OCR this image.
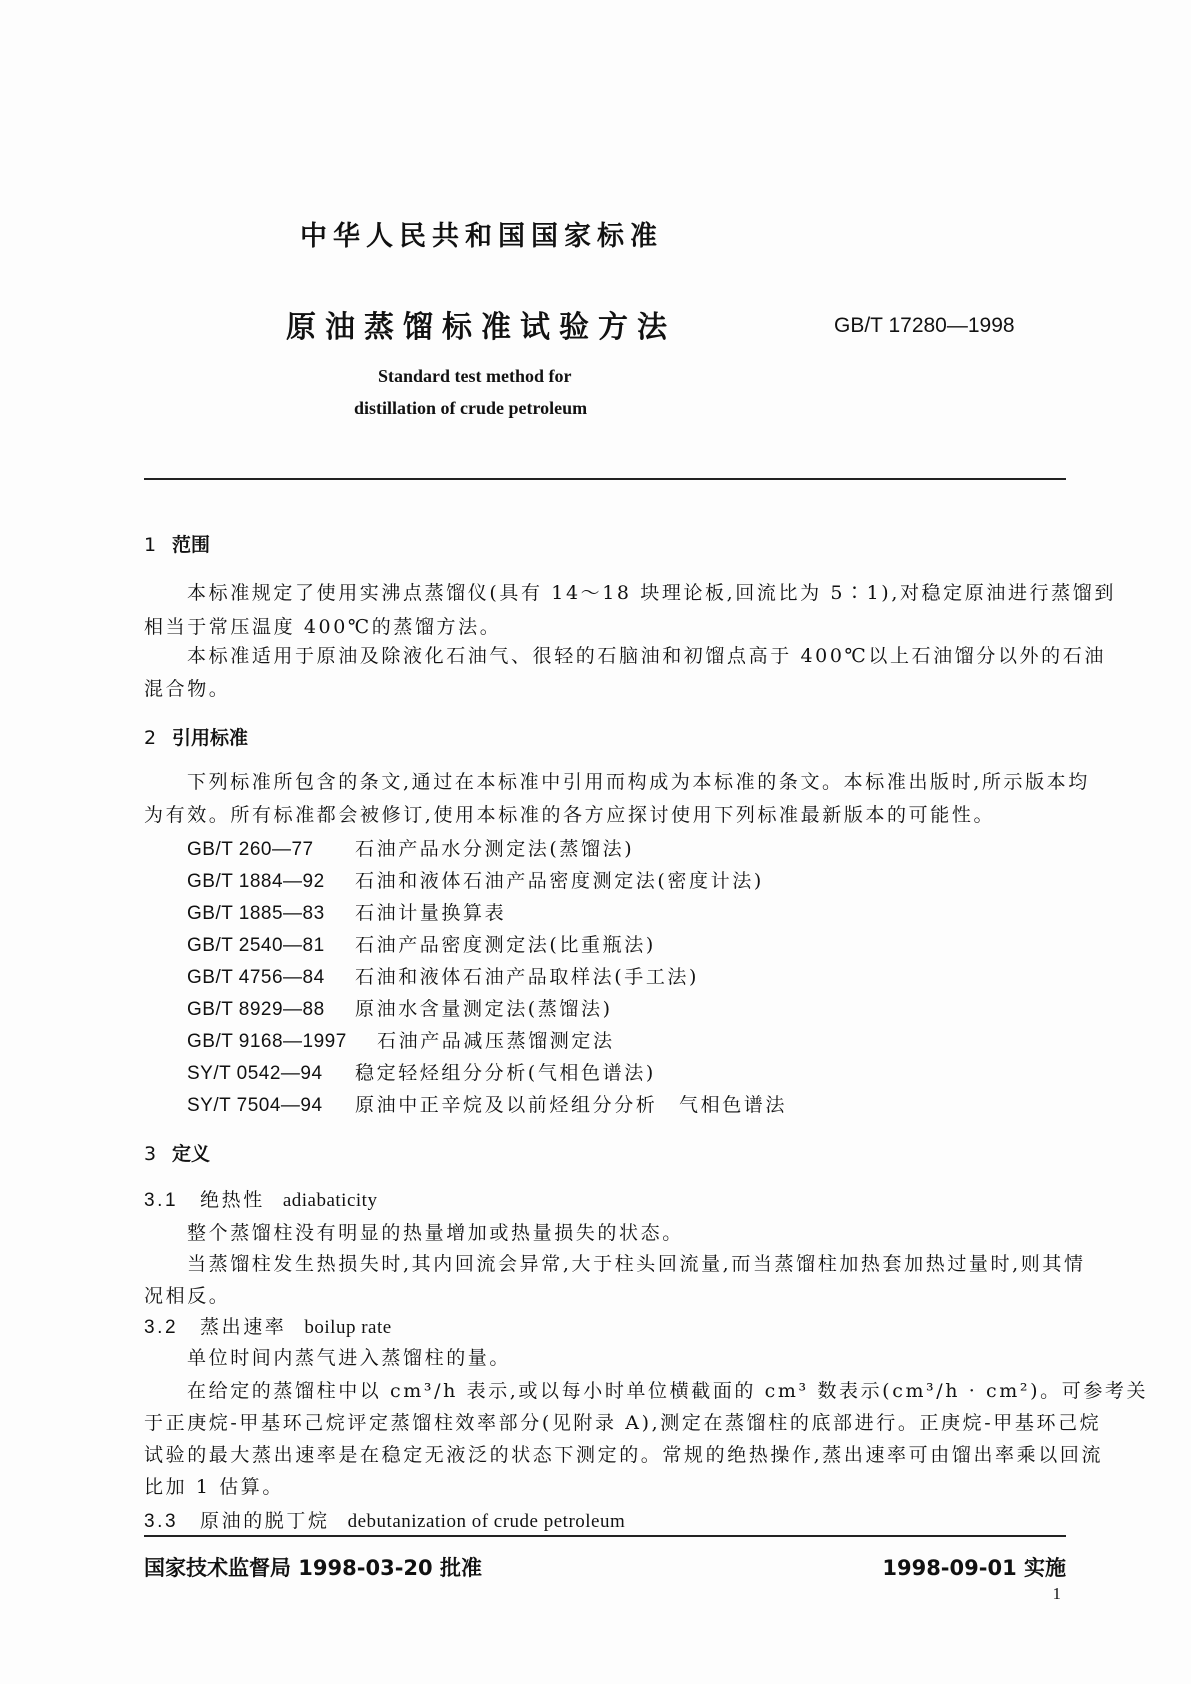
中华人民共和国国家标准
原油蒸馏标准试验方法	GB/T 17280—1998
Standard test method for
distillation of crude petroleum
1 范围
本标准规定了使用实沸点蒸馏仪(具有 14～18 块理论板,回流比为 5∶1),对稳定原油进行蒸馏到
相当于常压温度 400℃的蒸馏方法。
本标准适用于原油及除液化石油气、很轻的石脑油和初馏点高于 400℃以上石油馏分以外的石油
混合物。
2 引用标准
下列标准所包含的条文,通过在本标准中引用而构成为本标准的条文。本标准出版时,所示版本均
为有效。所有标准都会被修订,使用本标准的各方应探讨使用下列标准最新版本的可能性。
GB/T 260—77 石油产品水分测定法(蒸馏法)
GB/T 1884—92 石油和液体石油产品密度测定法(密度计法)
GB/T 1885—83 石油计量换算表
GB/T 2540—81 石油产品密度测定法(比重瓶法)
GB/T 4756—84 石油和液体石油产品取样法(手工法)
GB/T 8929—88 原油水含量测定法(蒸馏法)
GB/T 9168—1997 石油产品减压蒸馏测定法
SY/T 0542—94 稳定轻烃组分分析(气相色谱法)
SY/T 7504—94 原油中正辛烷及以前烃组分分析　气相色谱法
3 定义
3.1 绝热性 adiabaticity
整个蒸馏柱没有明显的热量增加或热量损失的状态。
当蒸馏柱发生热损失时,其内回流会异常,大于柱头回流量,而当蒸馏柱加热套加热过量时,则其情
况相反。
3.2 蒸出速率 boilup rate
单位时间内蒸气进入蒸馏柱的量。
在给定的蒸馏柱中以 cm³/h 表示,或以每小时单位横截面的 cm³ 数表示(cm³/h · cm²)。可参考关
于正庚烷-甲基环己烷评定蒸馏柱效率部分(见附录 A),测定在蒸馏柱的底部进行。正庚烷-甲基环己烷
试验的最大蒸出速率是在稳定无液泛的状态下测定的。常规的绝热操作,蒸出速率可由馏出率乘以回流
比加 1 估算。
3.3 原油的脱丁烷 debutanization of crude petroleum
国家技术监督局 1998-03-20 批准	1998-09-01 实施
1
